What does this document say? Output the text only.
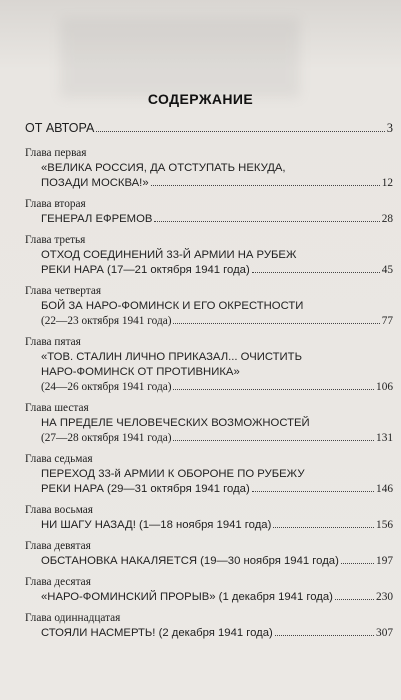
СОДЕРЖАНИЕ
ОТ АВТОРА	3
Глава первая
«ВЕЛИКА РОССИЯ, ДА ОТСТУПАТЬ НЕКУДА,
ПОЗАДИ МОСКВА!»	12
Глава вторая
ГЕНЕРАЛ ЕФРЕМОВ	28
Глава третья
ОТХОД СОЕДИНЕНИЙ 33-Й АРМИИ НА РУБЕЖ
РЕКИ НАРА (17—21 октября 1941 года)	45
Глава четвертая
БОЙ ЗА НАРО-ФОМИНСК И ЕГО ОКРЕСТНОСТИ
(22—23 октября 1941 года)	77
Глава пятая
«ТОВ. СТАЛИН ЛИЧНО ПРИКАЗАЛ... ОЧИСТИТЬ
НАРО-ФОМИНСК ОТ ПРОТИВНИКА»
(24—26 октября 1941 года)	106
Глава шестая
НА ПРЕДЕЛЕ ЧЕЛОВЕЧЕСКИХ ВОЗМОЖНОСТЕЙ
(27—28 октября 1941 года)	131
Глава седьмая
ПЕРЕХОД 33-й АРМИИ К ОБОРОНЕ ПО РУБЕЖУ
РЕКИ НАРА (29—31 октября 1941 года)	146
Глава восьмая
НИ ШАГУ НАЗАД! (1—18 ноября 1941 года)	156
Глава девятая
ОБСТАНОВКА НАКАЛЯЕТСЯ (19—30 ноября 1941 года)	197
Глава десятая
«НАРО-ФОМИНСКИЙ ПРОРЫВ» (1 декабря 1941 года)	230
Глава одиннадцатая
СТОЯЛИ НАСМЕРТЬ! (2 декабря 1941 года)	307
